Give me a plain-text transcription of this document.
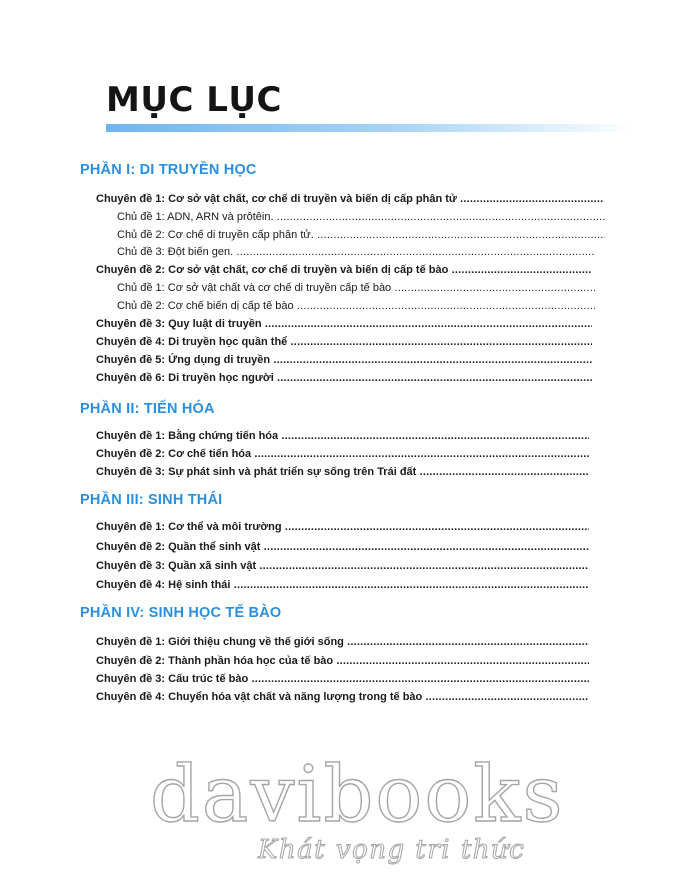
MỤC LỤC
PHẦN I: DI TRUYỀN HỌC
Chuyên đề 1: Cơ sở vật chất, cơ chế di truyền và biến dị cấp phân tử .....
Chủ đề 1: ADN, ARN và prôtêin. .....
Chủ đề 2: Cơ chế di truyền cấp phân tử. .....
Chủ đề 3: Đột biến gen. .....
Chuyên đề 2: Cơ sở vật chất, cơ chế di truyền và biến dị cấp tế bào .....
Chủ đề 1: Cơ sở vật chất và cơ chế di truyền cấp tế bào .....
Chủ đề 2: Cơ chế biến dị cấp tế bào .....
Chuyên đề 3: Quy luật di truyền .....
Chuyên đề 4: Di truyền học quần thể .....
Chuyên đề 5: Ứng dụng di truyền .....
Chuyên đề 6: Di truyền học người .....
PHẦN II: TIẾN HÓA
Chuyên đề 1: Bằng chứng tiến hóa .....
Chuyên đề 2: Cơ chế tiến hóa .....
Chuyên đề 3: Sự phát sinh và phát triển sự sống trên Trái đất .....
PHẦN III: SINH THÁI
Chuyên đề 1: Cơ thể và môi trường .....
Chuyên đề 2: Quần thể sinh vật .....
Chuyên đề 3: Quần xã sinh vật .....
Chuyên đề 4: Hệ sinh thái .....
PHẦN IV: SINH HỌC TẾ BÀO
Chuyên đề 1: Giới thiệu chung về thế giới sống .....
Chuyên đề 2: Thành phần hóa học của tế bào .....
Chuyên đề 3: Cấu trúc tế bào .....
Chuyên đề 4: Chuyển hóa vật chất và năng lượng trong tế bào .....

davibooks

Khát vọng tri thức
